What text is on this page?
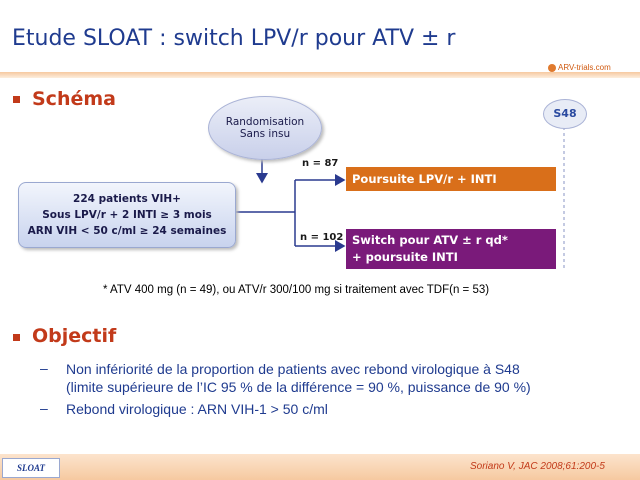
Etude SLOAT : switch LPV/r pour ATV ± r
ARV-trials.com
Schéma
Randomisation
Sans insu
S48
224 patients VIH+
Sous LPV/r + 2 INTI ≥ 3 mois
ARN VIH < 50 c/ml ≥ 24 semaines
n = 87
Poursuite LPV/r + INTI
n = 102 Switch pour ATV ± r qd*
+ poursuite INTI
* ATV 400 mg (n = 49), ou ATV/r 300/100 mg si traitement avec TDF(n = 53)
Objectif
– Non infériorité de la proportion de patients avec rebond virologique à S48
(limite supérieure de l’IC 95 % de la différence = 90 %, puissance de 90 %)
– Rebond virologique : ARN VIH-1 > 50 c/ml
SLOAT	Soriano V, JAC 2008;61:200-5
